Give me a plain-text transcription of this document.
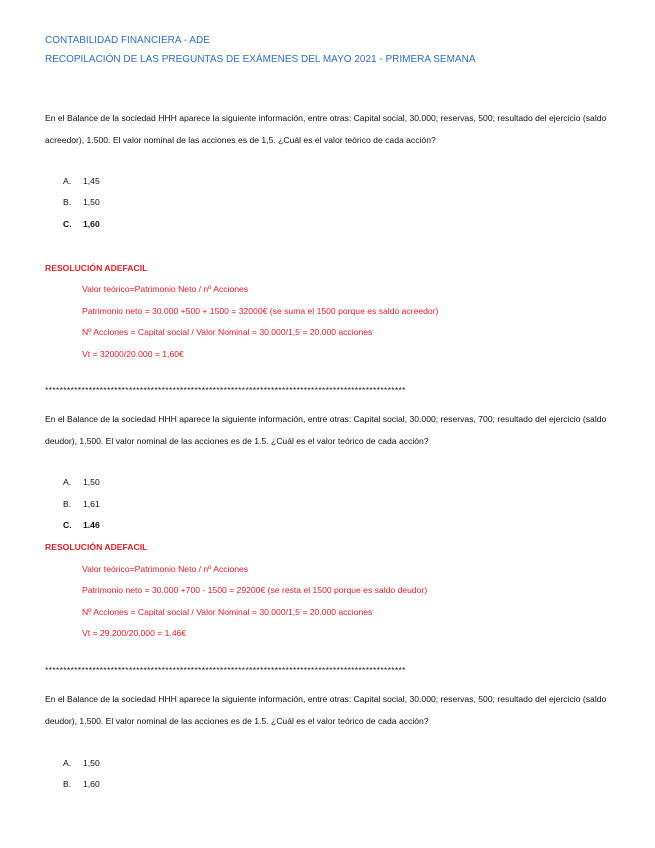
CONTABILIDAD FINANCIERA - ADE
RECOPILACIÓN DE LAS PREGUNTAS DE EXÁMENES DEL MAYO 2021 - PRIMERA SEMANA
En el Balance de la sociedad HHH aparece la siguiente información, entre otras: Capital social, 30.000; reservas, 500; resultado del ejercicio (saldo acreedor), 1.500. El valor nominal de las acciones es de 1,5. ¿Cuál es el valor teórico de cada acción?
A. 1,45
B. 1,50
C. 1,60
RESOLUCIÓN ADEFACIL
Valor teórico=Patrimonio Neto / nº Acciones
Patrimonio neto = 30.000 +500 + 1500 = 32000€ (se suma el 1500 porque es saldo acreedor)
Nº Acciones = Capital social / Valor Nominal = 30.000/1,5 = 20.000 acciones
Vt = 32000/20.000 = 1,60€
***************************************************************************************************
En el Balance de la sociedad HHH aparece la siguiente información, entre otras: Capital social, 30.000; reservas, 700; resultado del ejercicio (saldo deudor), 1.500. El valor nominal de las acciones es de 1.5. ¿Cuál es el valor teórico de cada acción?
A. 1,50
B. 1,61
C. 1.46
RESOLUCIÓN ADEFACIL
Valor teórico=Patrimonio Neto / nº Acciones
Patrimonio neto = 30.000 +700 - 1500 = 29200€ (se resta el 1500 porque es saldo deudor)
Nº Acciones = Capital social / Valor Nominal = 30.000/1,5 = 20.000 acciones
Vt = 29.200/20.000 = 1.46€
***************************************************************************************************
En el Balance de la sociedad HHH aparece la siguiente información, entre otras: Capital social, 30.000; reservas, 500; resultado del ejercicio (saldo deudor), 1.500. El valor nominal de las acciones es de 1.5. ¿Cuál es el valor teórico de cada acción?
A. 1,50
B. 1,60
